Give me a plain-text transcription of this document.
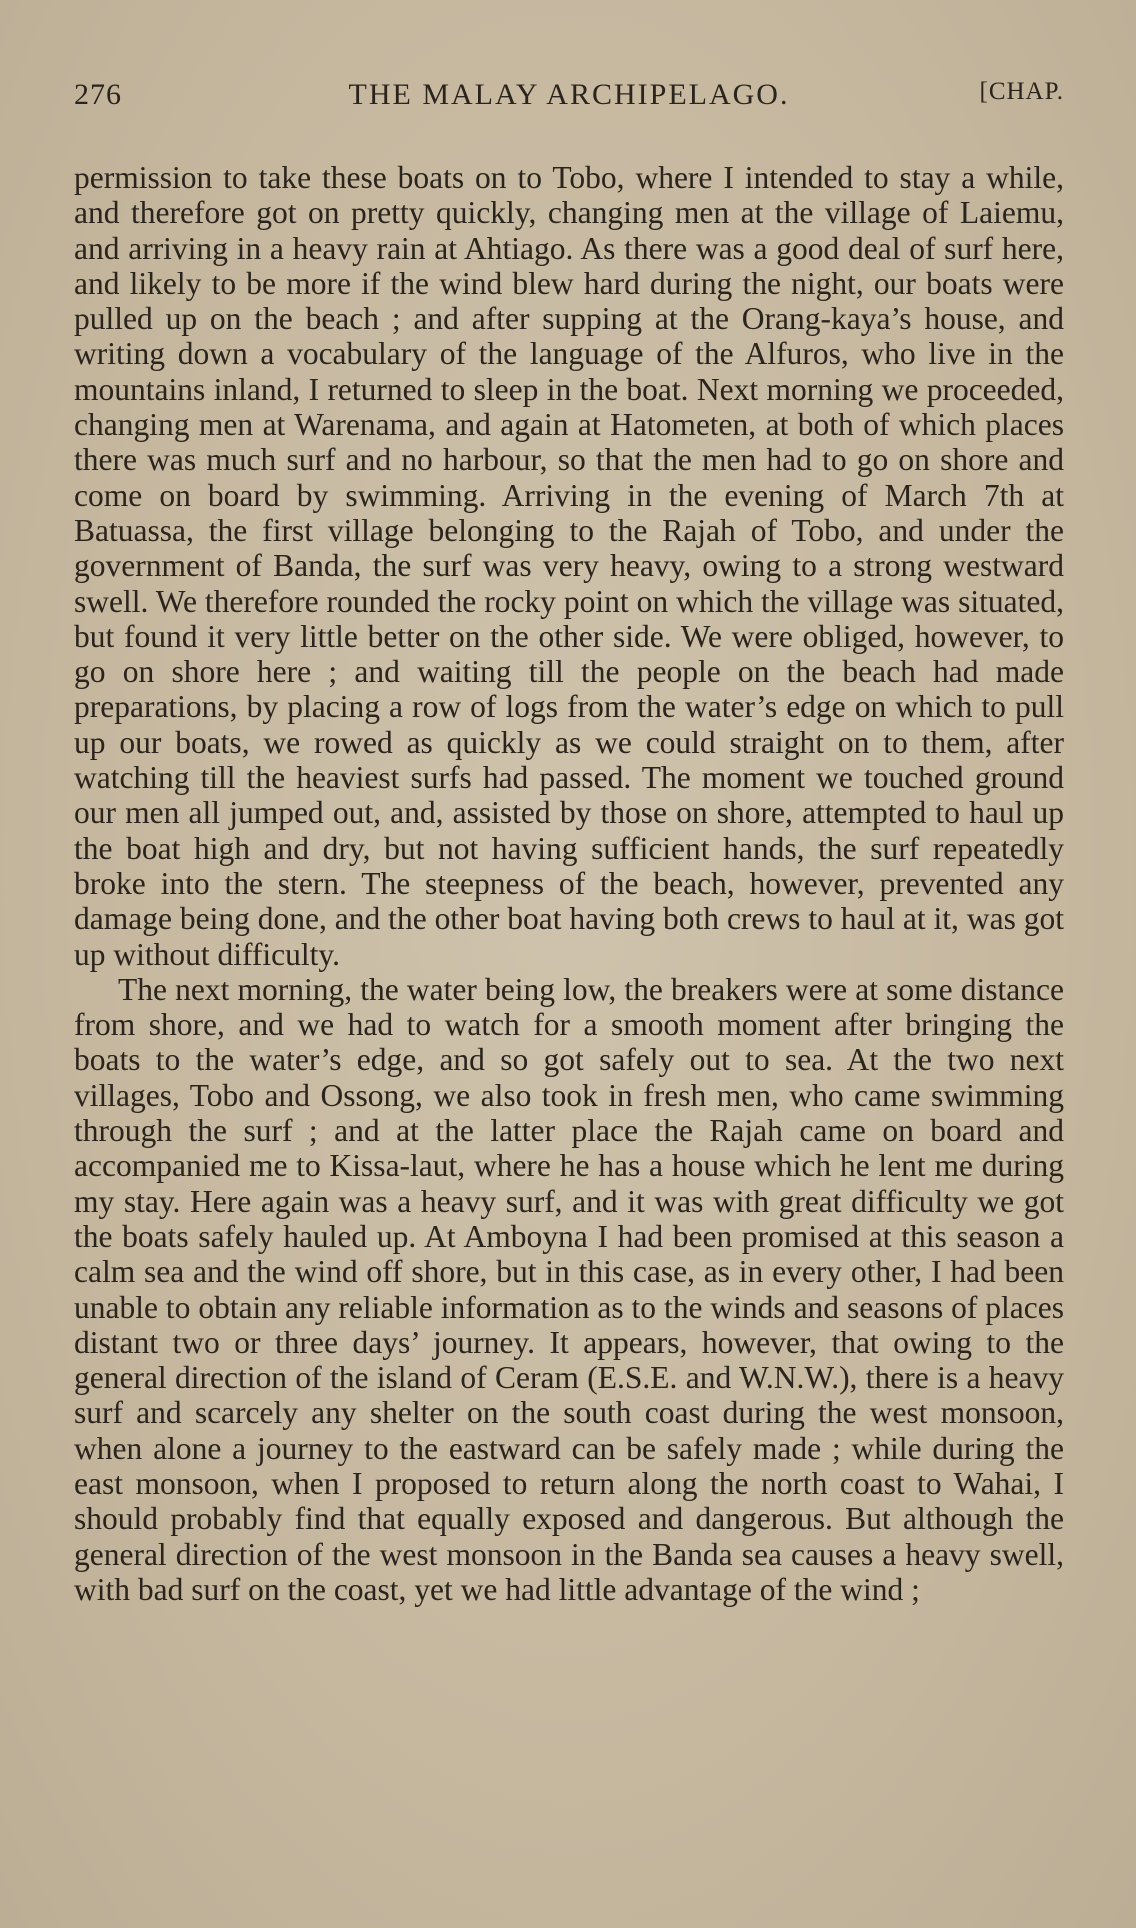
276	THE MALAY ARCHIPELAGO.	[CHAP.

permission to take these boats on to Tobo, where I intended to stay a while, and therefore got on pretty quickly, changing men at the village of Laiemu, and arriving in a heavy rain at Ahtiago. As there was a good deal of surf here, and likely to be more if the wind blew hard during the night, our boats were pulled up on the beach ; and after supping at the Orang-kaya’s house, and writing down a vocabulary of the language of the Alfuros, who live in the mountains inland, I returned to sleep in the boat. Next morning we proceeded, changing men at Warenama, and again at Hatometen, at both of which places there was much surf and no harbour, so that the men had to go on shore and come on board by swimming. Arriving in the evening of March 7th at Batuassa, the first village belonging to the Rajah of Tobo, and under the government of Banda, the surf was very heavy, owing to a strong westward swell. We therefore rounded the rocky point on which the village was situated, but found it very little better on the other side. We were obliged, however, to go on shore here ; and waiting till the people on the beach had made preparations, by placing a row of logs from the water’s edge on which to pull up our boats, we rowed as quickly as we could straight on to them, after watching till the heaviest surfs had passed. The moment we touched ground our men all jumped out, and, assisted by those on shore, attempted to haul up the boat high and dry, but not having sufficient hands, the surf repeatedly broke into the stern. The steepness of the beach, however, prevented any damage being done, and the other boat having both crews to haul at it, was got up without difficulty.

The next morning, the water being low, the breakers were at some distance from shore, and we had to watch for a smooth moment after bringing the boats to the water’s edge, and so got safely out to sea. At the two next villages, Tobo and Ossong, we also took in fresh men, who came swimming through the surf ; and at the latter place the Rajah came on board and accompanied me to Kissa-laut, where he has a house which he lent me during my stay. Here again was a heavy surf, and it was with great difficulty we got the boats safely hauled up. At Amboyna I had been promised at this season a calm sea and the wind off shore, but in this case, as in every other, I had been unable to obtain any reliable information as to the winds and seasons of places distant two or three days’ journey. It appears, however, that owing to the general direction of the island of Ceram (E.S.E. and W.N.W.), there is a heavy surf and scarcely any shelter on the south coast during the west monsoon, when alone a journey to the eastward can be safely made ; while during the east monsoon, when I proposed to return along the north coast to Wahai, I should probably find that equally exposed and dangerous. But although the general direction of the west monsoon in the Banda sea causes a heavy swell, with bad surf on the coast, yet we had little advantage of the wind ;
